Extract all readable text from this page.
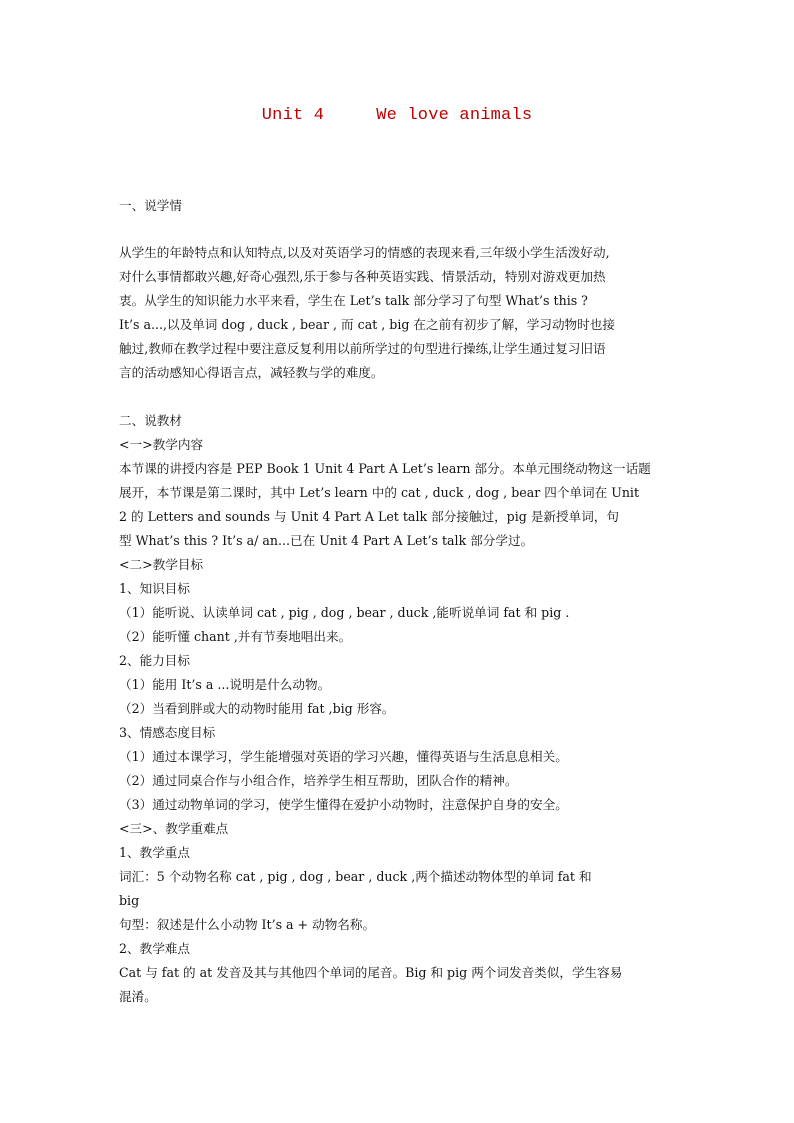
Unit 4	We love animals
一、说学情
从学生的年龄特点和认知特点,以及对英语学习的情感的表现来看,三年级小学生活泼好动,
对什么事情都敢兴趣,好奇心强烈,乐于参与各种英语实践、情景活动，特别对游戏更加热
衷。从学生的知识能力水平来看，学生在 Let’s talk 部分学习了句型 What’s this ?
It’s a...,以及单词 dog , duck , bear , 而 cat , big 在之前有初步了解，学习动物时也接
触过,教师在教学过程中要注意反复利用以前所学过的句型进行操练,让学生通过复习旧语
言的活动感知心得语言点，减轻教与学的难度。
二、说教材
<一>教学内容
本节课的讲授内容是 PEP Book 1 Unit 4 Part A Let’s learn 部分。本单元围绕动物这一话题
展开，本节课是第二课时，其中 Let’s learn 中的 cat , duck , dog , bear 四个单词在 Unit
2 的 Letters and sounds 与 Unit 4 Part A Let talk 部分接触过，pig 是新授单词，句
型 What’s this ? It’s a/ an...已在 Unit 4 Part A Let’s talk 部分学过。
<二>教学目标
1、知识目标
（1）能听说、认读单词 cat , pig , dog , bear , duck ,能听说单词 fat 和 pig .
（2）能听懂 chant ,并有节奏地唱出来。
2、能力目标
（1）能用 It’s a ...说明是什么动物。
（2）当看到胖或大的动物时能用 fat ,big 形容。
3、情感态度目标
（1）通过本课学习，学生能增强对英语的学习兴趣，懂得英语与生活息息相关。
（2）通过同桌合作与小组合作，培养学生相互帮助，团队合作的精神。
（3）通过动物单词的学习，使学生懂得在爱护小动物时，注意保护自身的安全。
<三>、教学重难点
1、教学重点
词汇：5 个动物名称 cat , pig , dog , bear , duck ,两个描述动物体型的单词 fat 和
big
句型：叙述是什么小动物 It’s a + 动物名称。
2、教学难点
Cat 与 fat 的 at 发音及其与其他四个单词的尾音。Big 和 pig 两个词发音类似，学生容易
混淆。
